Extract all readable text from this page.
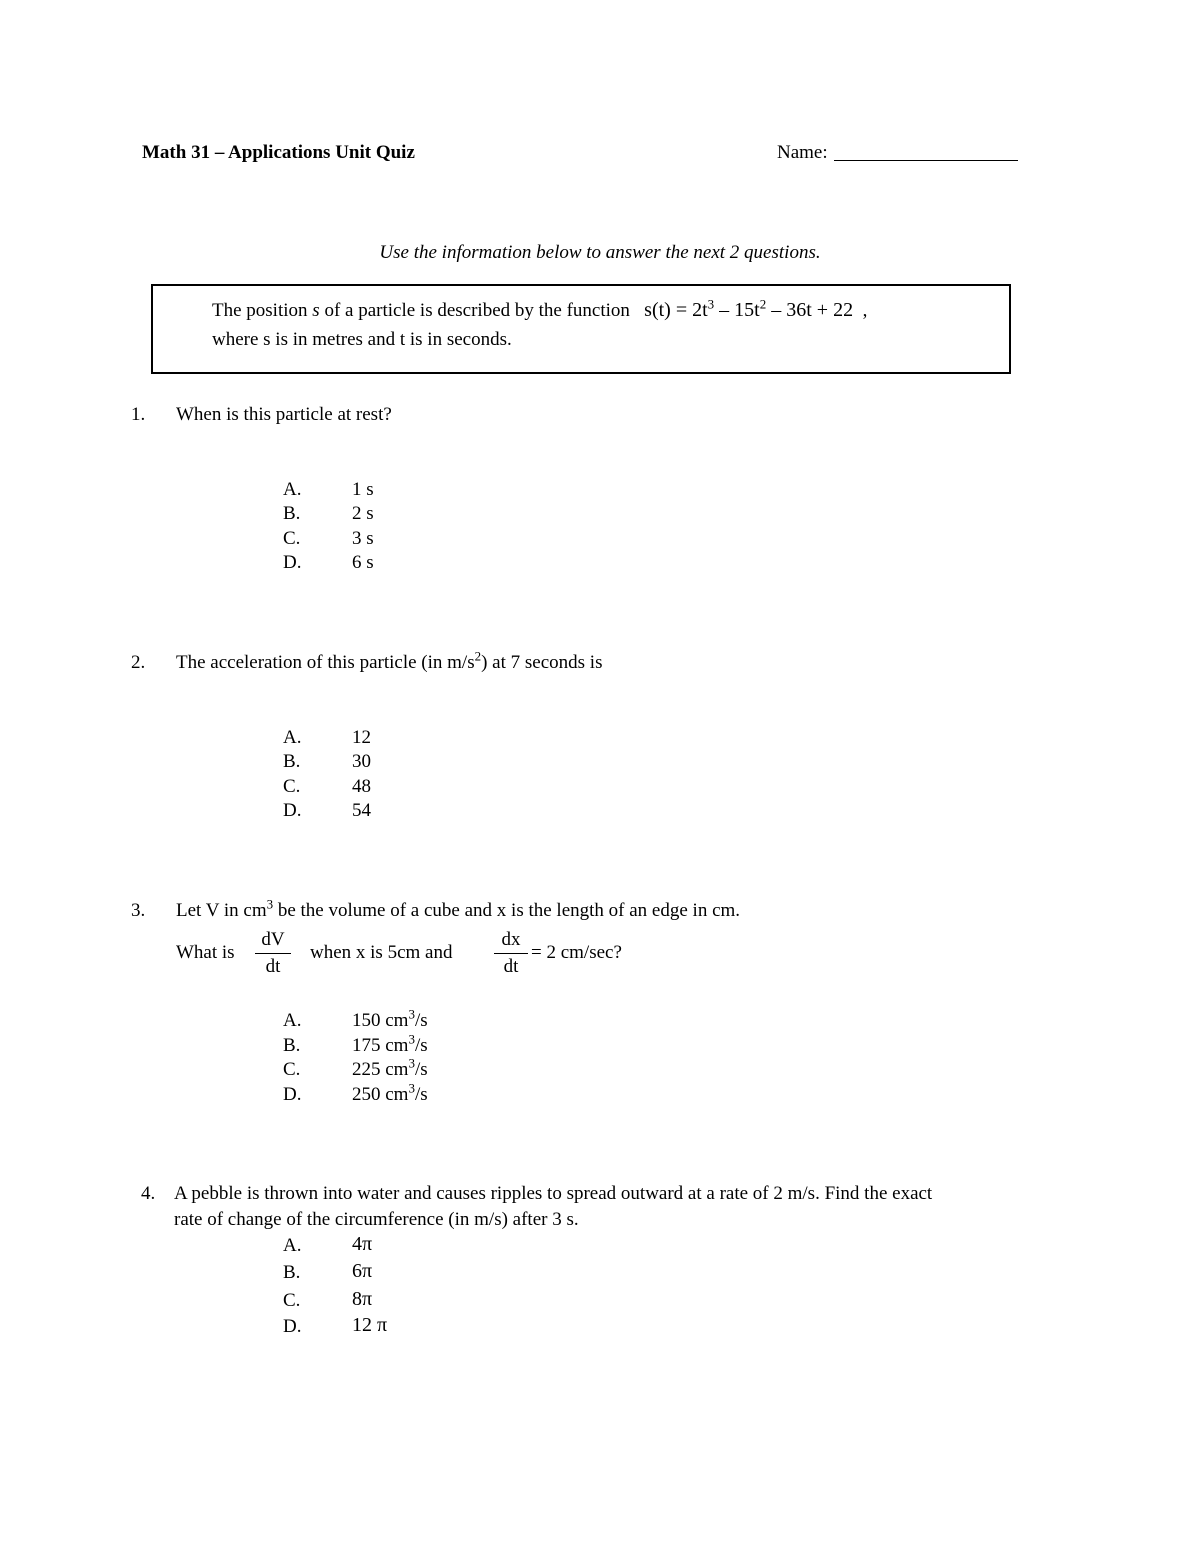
Math 31 – Applications Unit Quiz	Name:
Use the information below to answer the next 2 questions.
The position s of a particle is described by the function $s(t) = 2t^3 - 15t^2 - 36t + 22$ ,
where s is in metres and t is in seconds.
1. When is this particle at rest?
A.	1 s
B.	2 s
C.	3 s
D.	6 s
2. The acceleration of this particle (in $m/s^2$) at 7 seconds is
A.	12
B.	30
C.	48
D.	54
3. Let V in $cm^3$ be the volume of a cube and x is the length of an edge in cm.
What is
dV
dt
when x is 5cm and
dx
dt
= 2 cm/sec?
A.	150 $cm^3/s$
B.	175 $cm^3/s$
C.	225 $cm^3/s$
D.	250 $cm^3/s$
4. A pebble is thrown into water and causes ripples to spread outward at a rate of 2 m/s. Find the exact
rate of change of the circumference (in m/s) after 3 s.
A.	4π
B.	6π
C.	8π
D.	12 π
